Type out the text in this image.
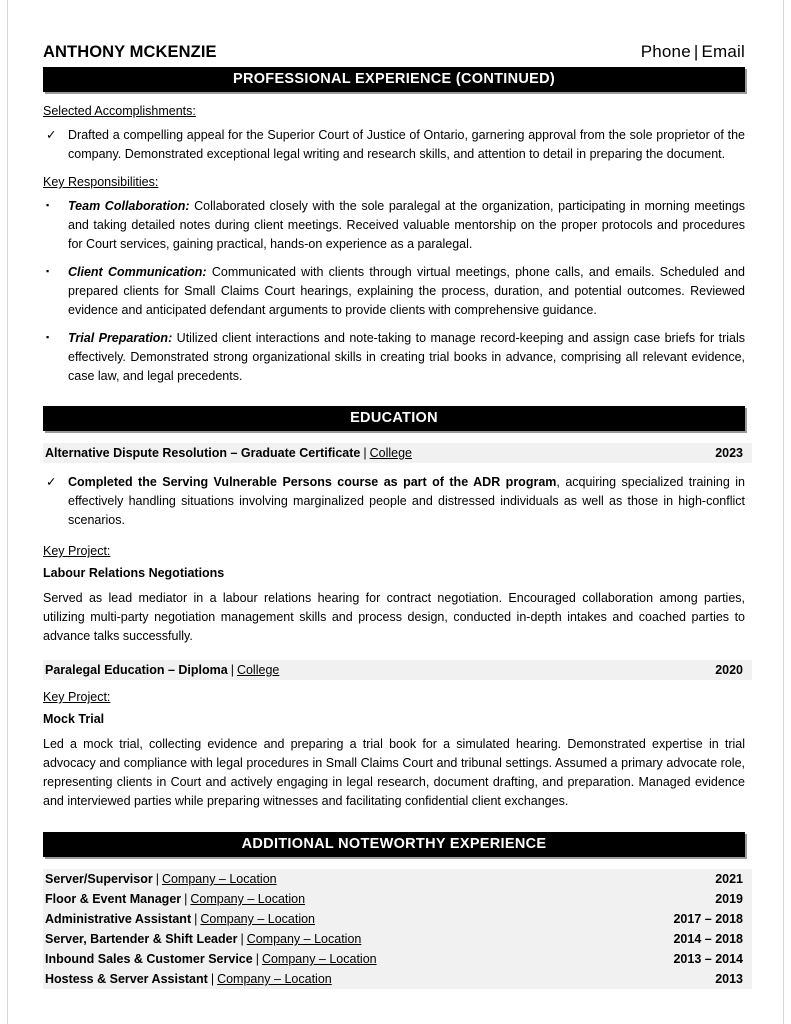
ANTHONY MCKENZIE	Phone | Email
PROFESSIONAL EXPERIENCE (CONTINUED)
Selected Accomplishments:
✓ Drafted a compelling appeal for the Superior Court of Justice of Ontario, garnering approval from the sole proprietor of the company. Demonstrated exceptional legal writing and research skills, and attention to detail in preparing the document.
Key Responsibilities:
▪	Team Collaboration: Collaborated closely with the sole paralegal at the organization, participating in morning meetings and taking detailed notes during client meetings. Received valuable mentorship on the proper protocols and procedures for Court services, gaining practical, hands-on experience as a paralegal.
▪	Client Communication: Communicated with clients through virtual meetings, phone calls, and emails. Scheduled and prepared clients for Small Claims Court hearings, explaining the process, duration, and potential outcomes. Reviewed evidence and anticipated defendant arguments to provide clients with comprehensive guidance.
▪	Trial Preparation: Utilized client interactions and note-taking to manage record-keeping and assign case briefs for trials effectively. Demonstrated strong organizational skills in creating trial books in advance, comprising all relevant evidence, case law, and legal precedents.
EDUCATION
Alternative Dispute Resolution – Graduate Certificate | College	2023
✓ Completed the Serving Vulnerable Persons course as part of the ADR program, acquiring specialized training in effectively handling situations involving marginalized people and distressed individuals as well as those in high-conflict scenarios.
Key Project:
Labour Relations Negotiations

Served as lead mediator in a labour relations hearing for contract negotiation. Encouraged collaboration among parties, utilizing multi-party negotiation management skills and process design, conducted in-depth intakes and coached parties to advance talks successfully.

Paralegal Education – Diploma | College	2020
Key Project:
Mock Trial

Led a mock trial, collecting evidence and preparing a trial book for a simulated hearing. Demonstrated expertise in trial advocacy and compliance with legal procedures in Small Claims Court and tribunal settings. Assumed a primary advocate role, representing clients in Court and actively engaging in legal research, document drafting, and preparation. Managed evidence and interviewed parties while preparing witnesses and facilitating confidential client exchanges.

ADDITIONAL NOTEWORTHY EXPERIENCE
Server/Supervisor | Company – Location	2021
Floor & Event Manager | Company – Location	2019
Administrative Assistant | Company – Location	2017 – 2018
Server, Bartender & Shift Leader | Company – Location	2014 – 2018
Inbound Sales & Customer Service | Company – Location	2013 – 2014
Hostess & Server Assistant | Company – Location	2013
